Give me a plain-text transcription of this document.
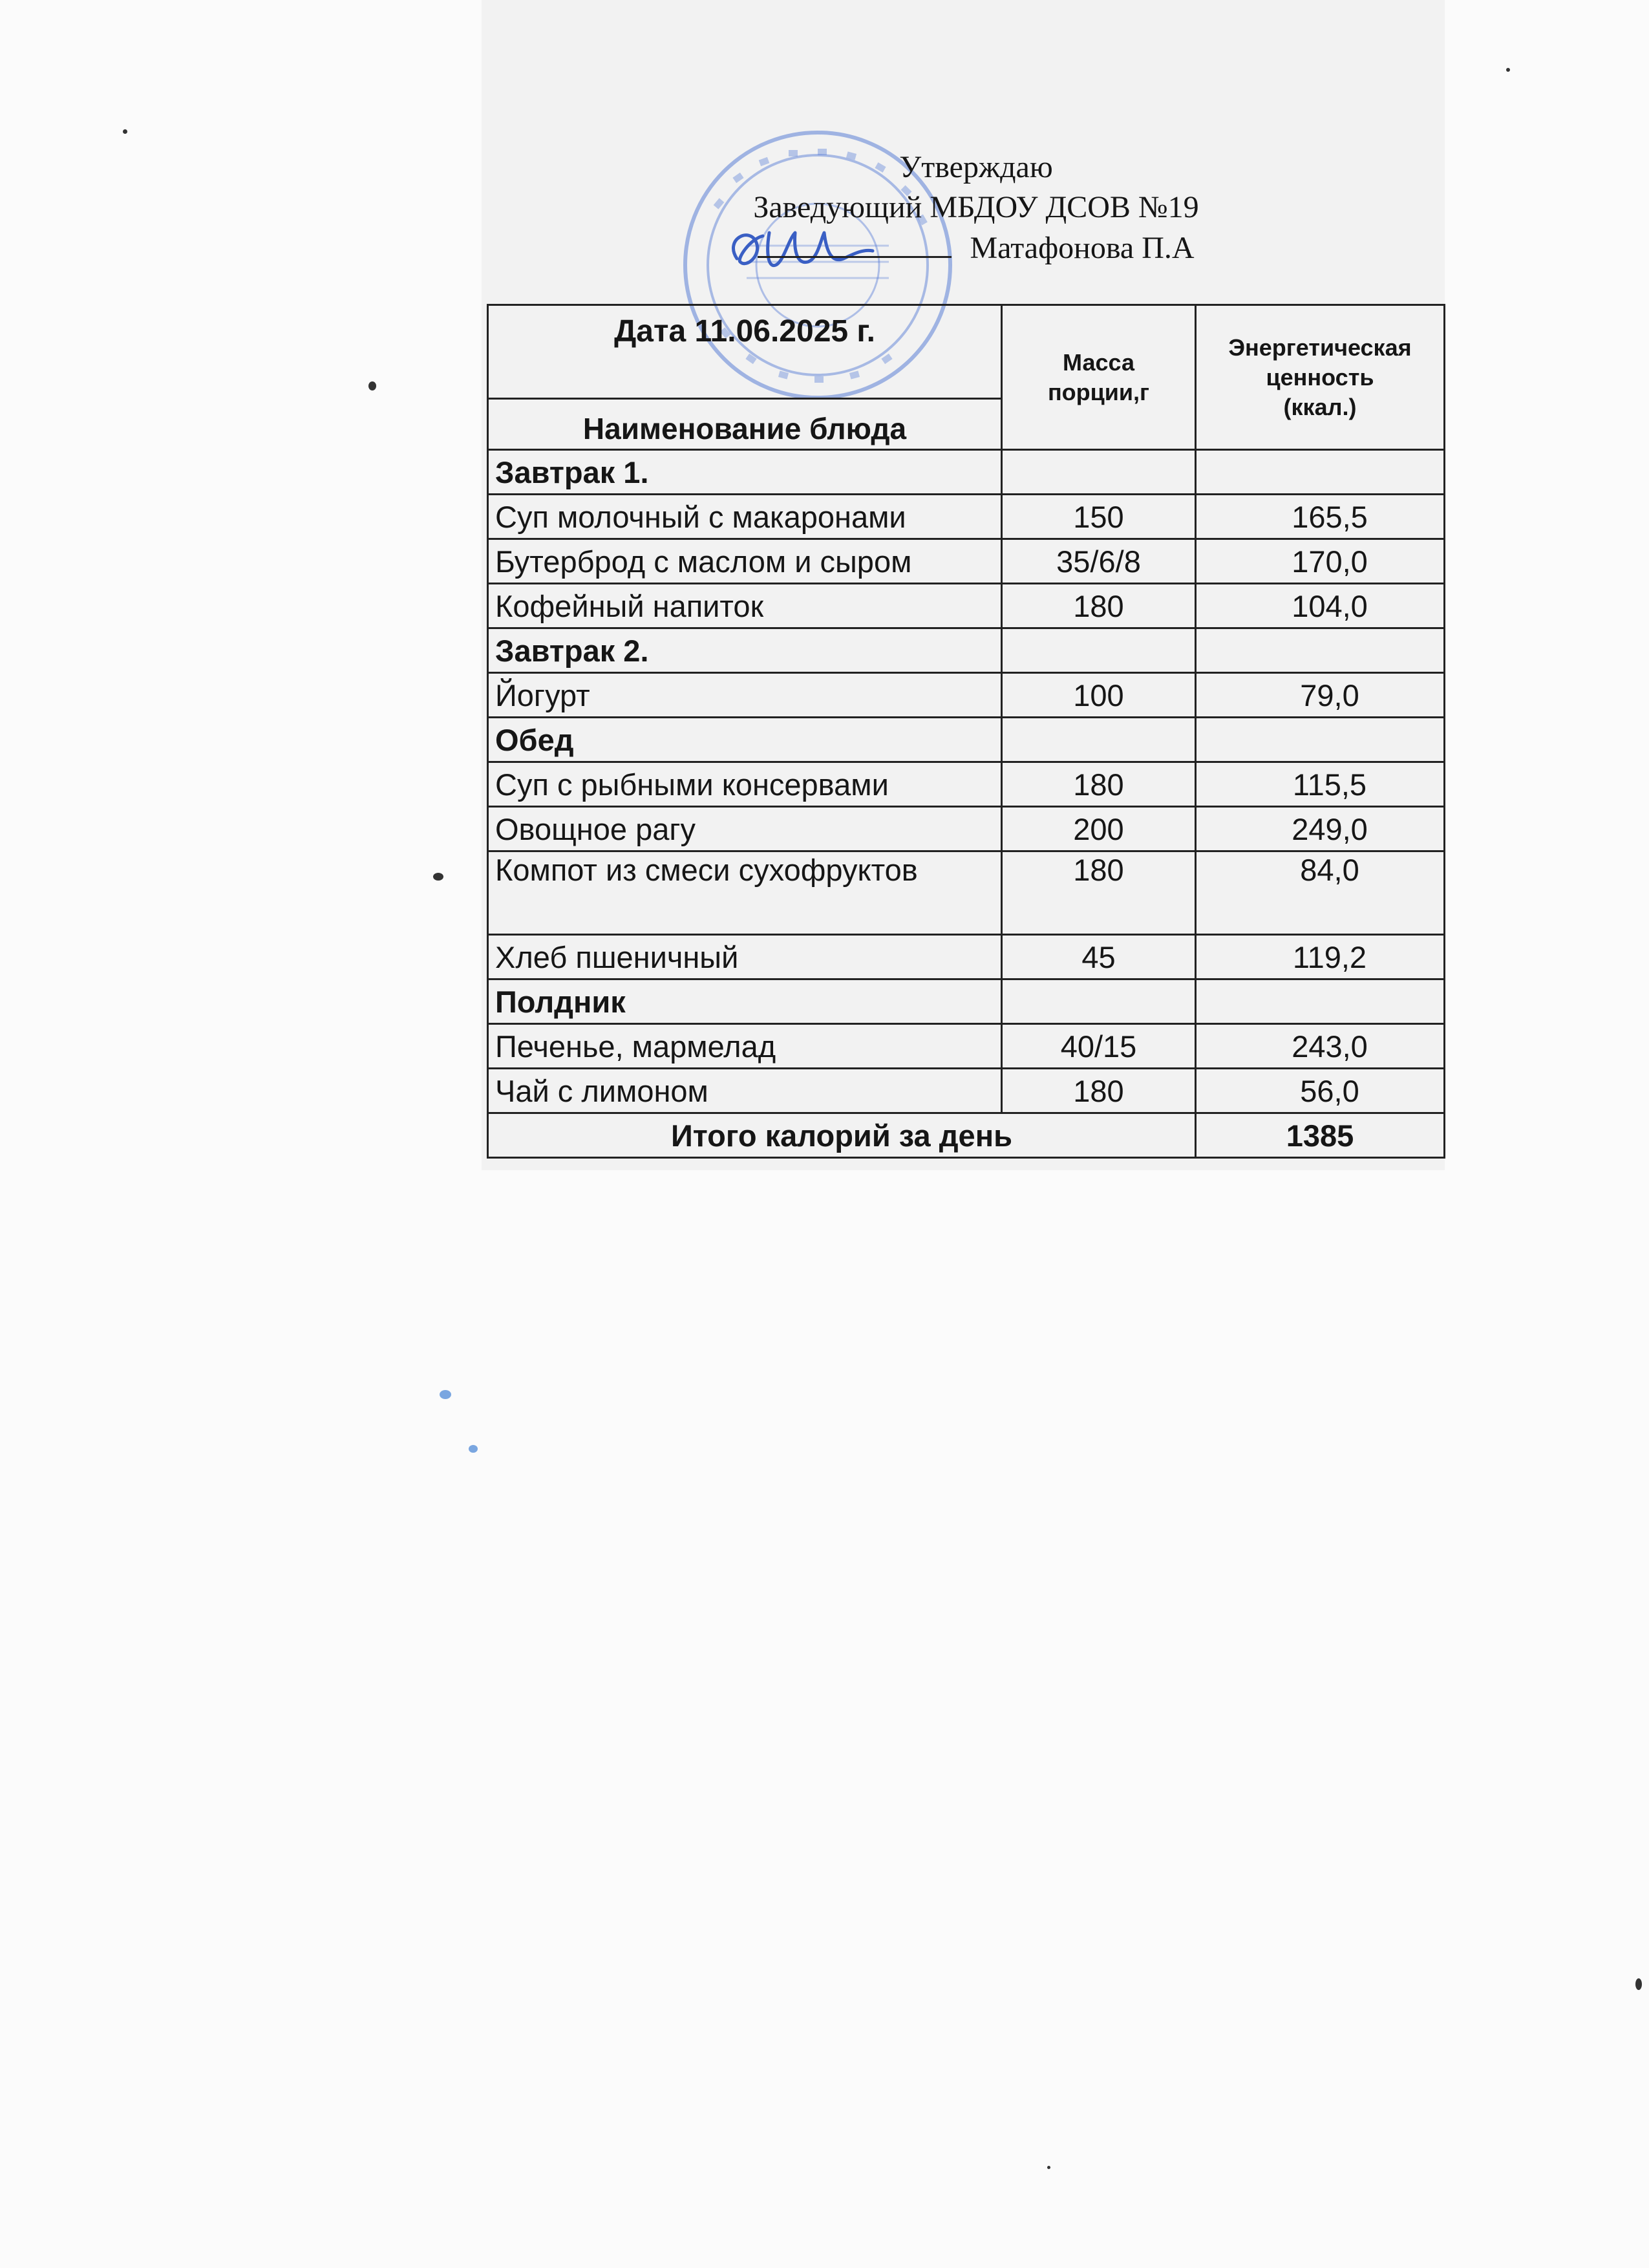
Утверждаю
Заведующий МБДОУ ДСОВ №19
Матафонова П.А
Дата 11.06.2025 г.	Масса порции,г	Энергетическая ценность
(ккал.)
Наименование блюда		
Завтрак 1.		
Суп молочный с макаронами	150	165,5
Бутерброд с маслом и сыром	35/6/8	170,0
Кофейный напиток	180	104,0
Завтрак 2.		
Йогурт	100	79,0
Обед		
Суп с рыбными консервами	180	115,5
Овощное рагу	200	249,0
Компот из смеси сухофруктов	180	84,0
Хлеб пшеничный	45	119,2
Полдник		
Печенье, мармелад	40/15	243,0
Чай с лимоном	180	56,0
Итого калорий за день		1385
